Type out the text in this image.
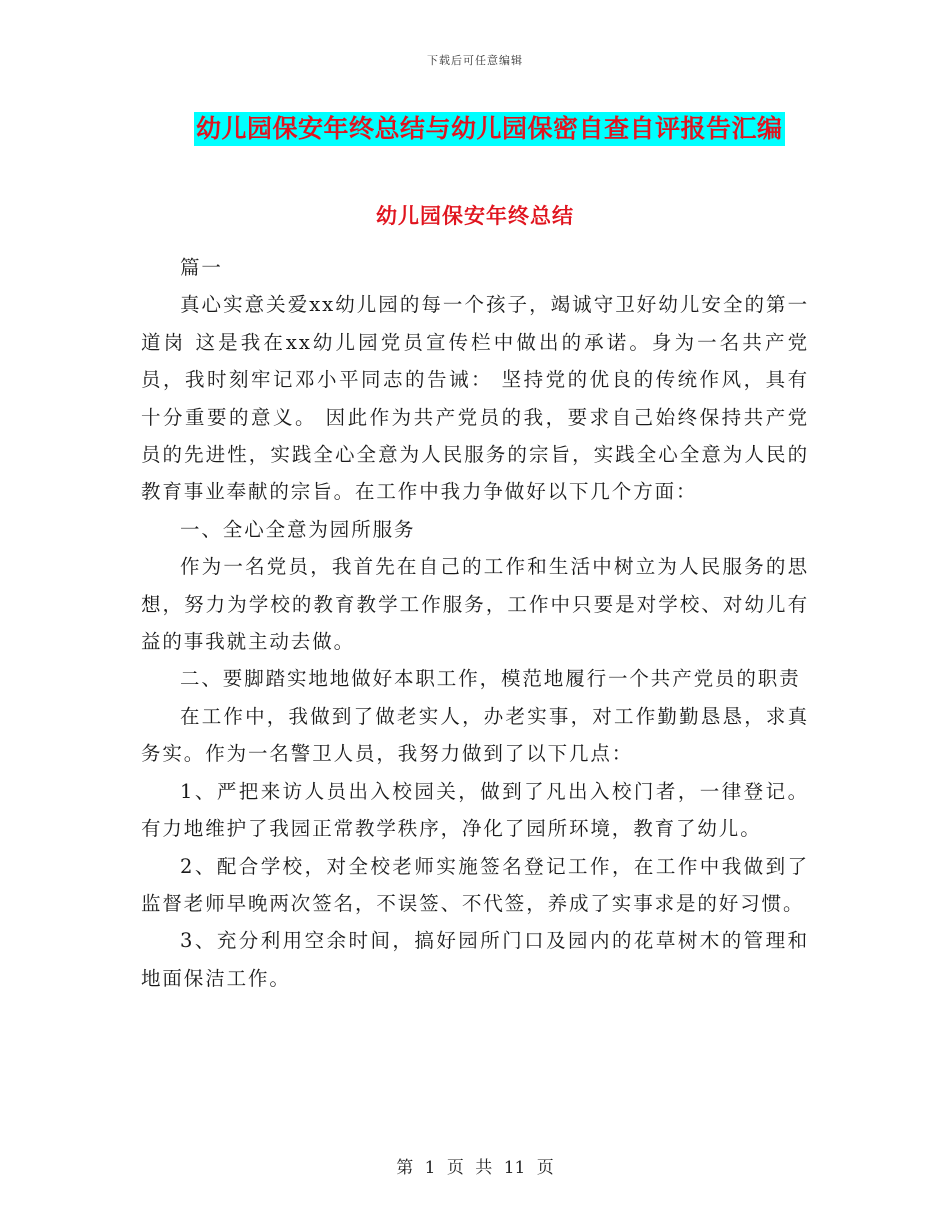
下载后可任意编辑
幼儿园保安年终总结与幼儿园保密自查自评报告汇编
幼儿园保安年终总结

篇一

真心实意关爱xx幼儿园的每一个孩子，竭诚守卫好幼儿安全的第一道岗 这是我在xx幼儿园党员宣传栏中做出的承诺。身为一名共产党员，我时刻牢记邓小平同志的告诫： 坚持党的优良的传统作风，具有十分重要的意义。 因此作为共产党员的我，要求自己始终保持共产党员的先进性，实践全心全意为人民服务的宗旨，实践全心全意为人民的教育事业奉献的宗旨。在工作中我力争做好以下几个方面：

一、全心全意为园所服务

作为一名党员，我首先在自己的工作和生活中树立为人民服务的思想，努力为学校的教育教学工作服务，工作中只要是对学校、对幼儿有益的事我就主动去做。

二、要脚踏实地地做好本职工作，模范地履行一个共产党员的职责

在工作中，我做到了做老实人，办老实事，对工作勤勤恳恳，求真务实。作为一名警卫人员，我努力做到了以下几点：

1、严把来访人员出入校园关，做到了凡出入校门者，一律登记。有力地维护了我园正常教学秩序，净化了园所环境，教育了幼儿。

2、配合学校，对全校老师实施签名登记工作，在工作中我做到了监督老师早晚两次签名，不误签、不代签，养成了实事求是的好习惯。

3、充分利用空余时间，搞好园所门口及园内的花草树木的管理和地面保洁工作。

第 1 页 共 11 页
